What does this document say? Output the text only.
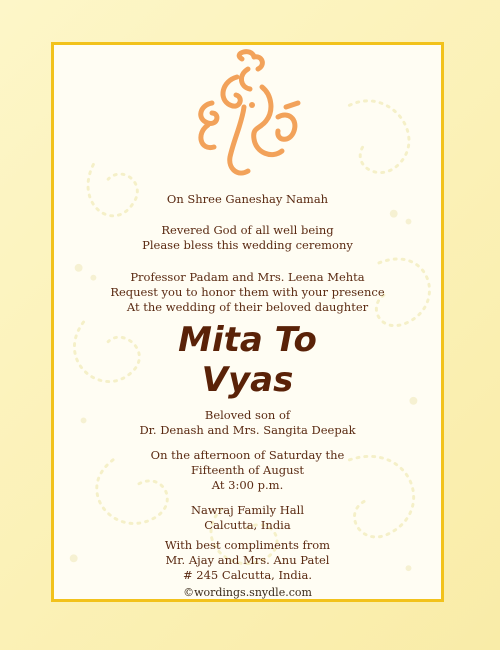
On Shree Ganeshay Namah
Revered God of all well being
Please bless this wedding ceremony
Professor Padam and Mrs. Leena Mehta
Request you to honor them with your presence
At the wedding of their beloved daughter
Mita To
Vyas
Beloved son of
Dr. Denash and Mrs. Sangita Deepak
On the afternoon of Saturday the
Fifteenth of August
At 3:00 p.m.
Nawraj Family Hall
Calcutta, India
With best compliments from
Mr. Ajay and Mrs. Anu Patel
# 245 Calcutta, India.
©wordings.snydle.com
